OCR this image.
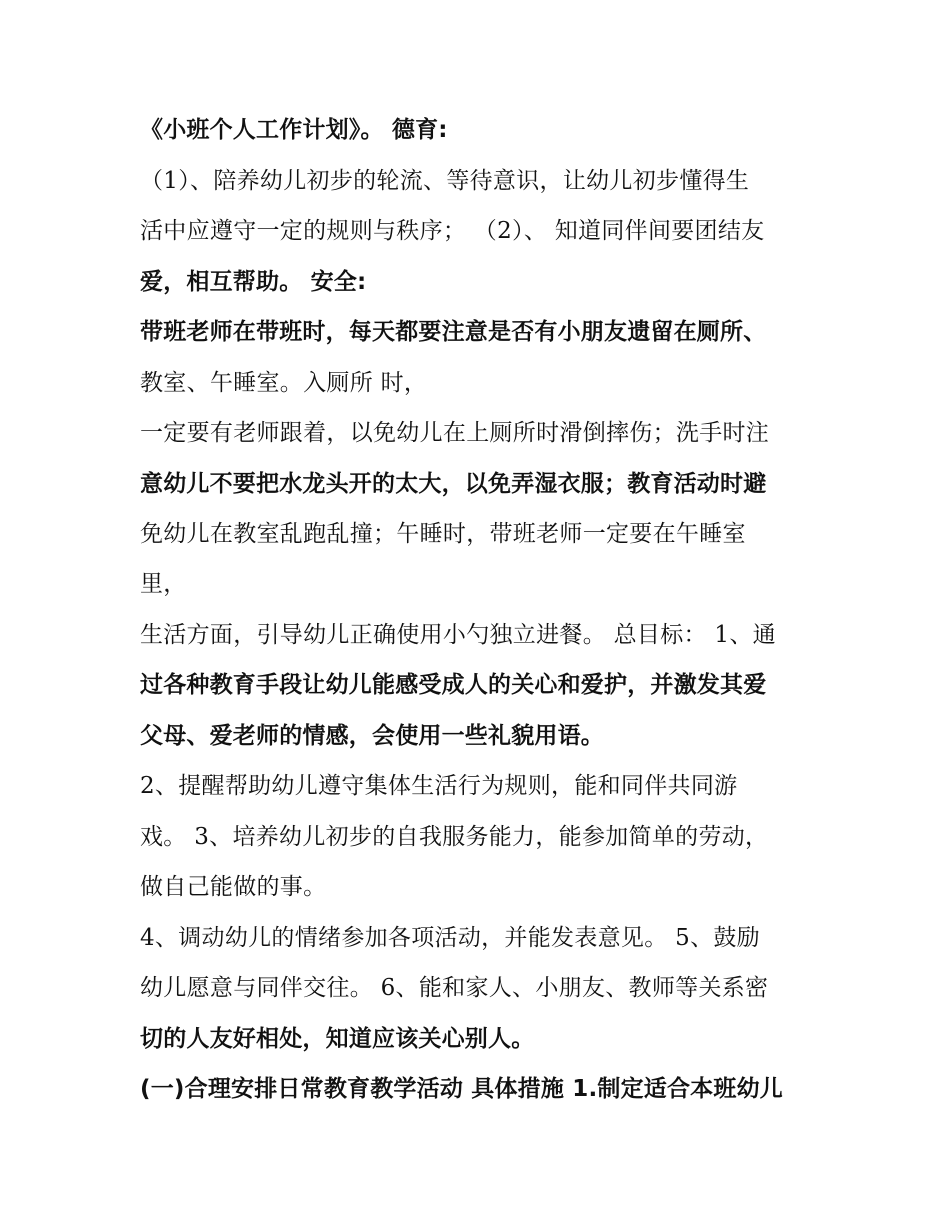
《小班个人工作计划》。 德育:
（1）、陪养幼儿初步的轮流、等待意识，让幼儿初步懂得生
活中应遵守一定的规则与秩序； （2）、 知道同伴间要团结友
爱，相互帮助。 安全:
带班老师在带班时，每天都要注意是否有小朋友遗留在厕所、
教室、午睡室。入厕所 时，
一定要有老师跟着，以免幼儿在上厕所时滑倒摔伤；洗手时注
意幼儿不要把水龙头开的太大，以免弄湿衣服；教育活动时避
免幼儿在教室乱跑乱撞；午睡时，带班老师一定要在午睡室
里，
生活方面，引导幼儿正确使用小勺独立进餐。 总目标： 1、通
过各种教育手段让幼儿能感受成人的关心和爱护，并激发其爱
父母、爱老师的情感，会使用一些礼貌用语。
2、提醒帮助幼儿遵守集体生活行为规则，能和同伴共同游
戏。 3、培养幼儿初步的自我服务能力，能参加简单的劳动，
做自己能做的事。
4、调动幼儿的情绪参加各项活动，并能发表意见。 5、鼓励
幼儿愿意与同伴交往。 6、能和家人、小朋友、教师等关系密
切的人友好相处，知道应该关心别人。
(一)合理安排日常教育教学活动 具体措施 1.制定适合本班幼儿
